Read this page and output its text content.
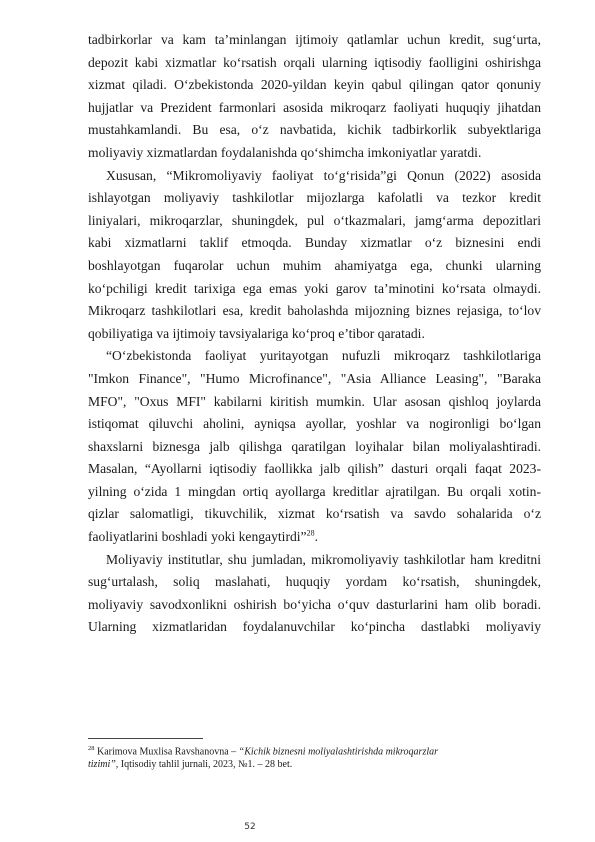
tadbirkorlar va kam ta’minlangan ijtimoiy qatlamlar uchun kredit, sug‘urta,
depozit kabi xizmatlar ko‘rsatish orqali ularning iqtisodiy faolligini oshirishga
xizmat qiladi. O‘zbekistonda 2020-yildan keyin qabul qilingan qator qonuniy
hujjatlar va Prezident farmonlari asosida mikroqarz faoliyati huquqiy jihatdan
mustahkamlandi. Bu esa, o‘z navbatida, kichik tadbirkorlik subyektlariga
moliyaviy xizmatlardan foydalanishda qo‘shimcha imkoniyatlar yaratdi.
Xususan, “Mikromoliyaviy faoliyat to‘g‘risida”gi Qonun (2022) asosida
ishlayotgan moliyaviy tashkilotlar mijozlarga kafolatli va tezkor kredit
liniyalari, mikroqarzlar, shuningdek, pul o‘tkazmalari, jamg‘arma depozitlari
kabi xizmatlarni taklif etmoqda. Bunday xizmatlar o‘z biznesini endi
boshlayotgan fuqarolar uchun muhim ahamiyatga ega, chunki ularning
ko‘pchiligi kredit tarixiga ega emas yoki garov ta’minotini ko‘rsata olmaydi.
Mikroqarz tashkilotlari esa, kredit baholashda mijozning biznes rejasiga, to‘lov
qobiliyatiga va ijtimoiy tavsiyalariga ko‘proq e’tibor qaratadi.
“O‘zbekistonda faoliyat yuritayotgan nufuzli mikroqarz tashkilotlariga
"Imkon Finance", "Humo Microfinance", "Asia Alliance Leasing", "Baraka
MFO", "Oxus MFI" kabilarni kiritish mumkin. Ular asosan qishloq joylarda
istiqomat qiluvchi aholini, ayniqsa ayollar, yoshlar va nogironligi bo‘lgan
shaxslarni biznesga jalb qilishga qaratilgan loyihalar bilan moliyalashtiradi.
Masalan, “Ayollarni iqtisodiy faollikka jalb qilish” dasturi orqali faqat 2023-
yilning o‘zida 1 mingdan ortiq ayollarga kreditlar ajratilgan. Bu orqali xotin-
qizlar salomatligi, tikuvchilik, xizmat ko‘rsatish va savdo sohalarida o‘z
faoliyatlarini boshladi yoki kengaytirdi”$^{28}$.
Moliyaviy institutlar, shu jumladan, mikromoliyaviy tashkilotlar ham kreditni
sug‘urtalash, soliq maslahati, huquqiy yordam ko‘rsatish, shuningdek,
moliyaviy savodxonlikni oshirish bo‘yicha o‘quv dasturlarini ham olib boradi.
Ularning xizmatlaridan foydalanuvchilar ko‘pincha dastlabki moliyaviy
$^{28}$ Karimova Muxlisa Ravshanovna – “Kichik biznesni moliyalashtirishda mikroqarzlar
tizimi”, Iqtisodiy tahlil jurnali, 2023, №1. – 28 bet.
52
